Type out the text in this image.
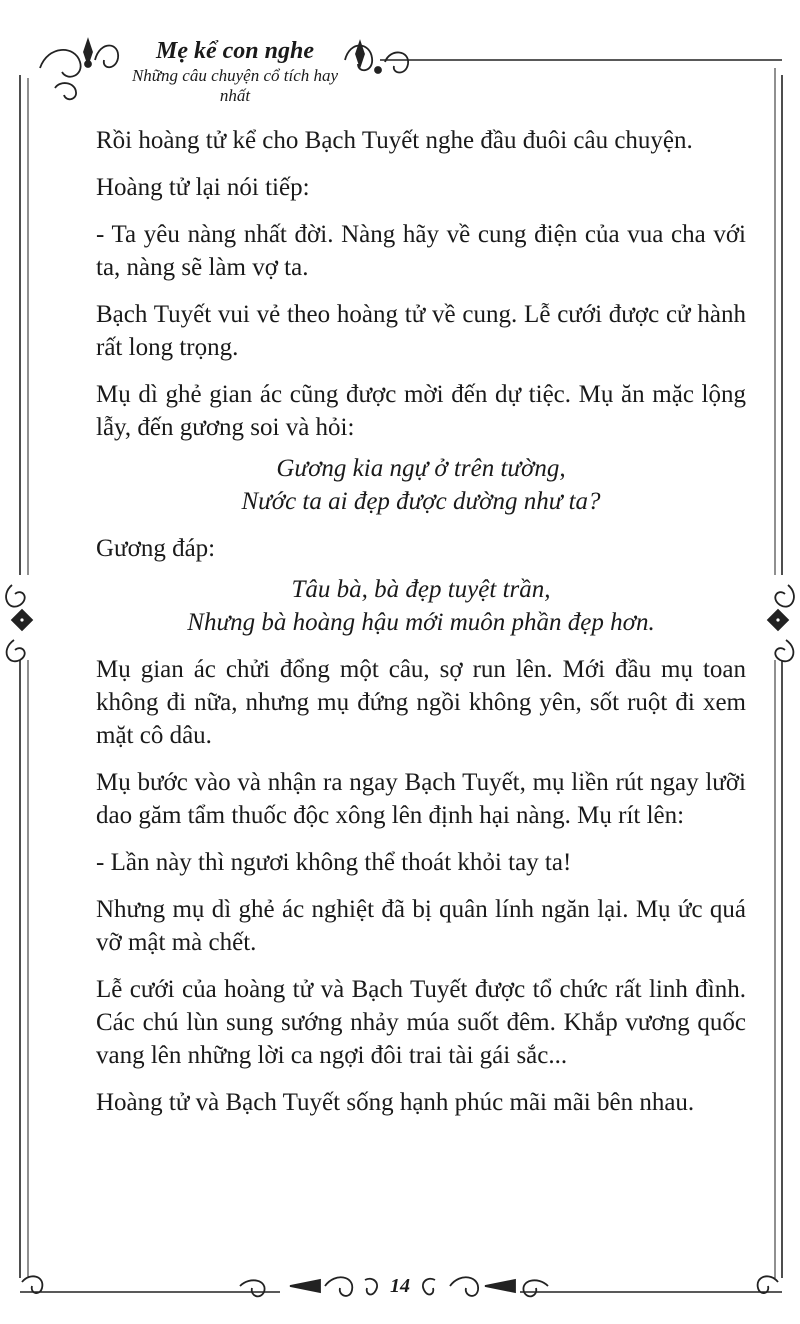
Mẹ kể con nghe
Những câu chuyện cổ tích hay nhất

Rồi hoàng tử kể cho Bạch Tuyết nghe đầu đuôi câu chuyện.

Hoàng tử lại nói tiếp:

- Ta yêu nàng nhất đời. Nàng hãy về cung điện của vua cha với ta, nàng sẽ làm vợ ta.

Bạch Tuyết vui vẻ theo hoàng tử về cung. Lễ cưới được cử hành rất long trọng.

Mụ dì ghẻ gian ác cũng được mời đến dự tiệc. Mụ ăn mặc lộng lẫy, đến gương soi và hỏi:

Gương kia ngự ở trên tường,
Nước ta ai đẹp được dường như ta?

Gương đáp:

Tâu bà, bà đẹp tuyệt trần,
Nhưng bà hoàng hậu mới muôn phần đẹp hơn.

Mụ gian ác chửi đổng một câu, sợ run lên. Mới đầu mụ toan không đi nữa, nhưng mụ đứng ngồi không yên, sốt ruột đi xem mặt cô dâu.

Mụ bước vào và nhận ra ngay Bạch Tuyết, mụ liền rút ngay lưỡi dao găm tẩm thuốc độc xông lên định hại nàng. Mụ rít lên:

- Lần này thì ngươi không thể thoát khỏi tay ta!

Nhưng mụ dì ghẻ ác nghiệt đã bị quân lính ngăn lại. Mụ ức quá vỡ mật mà chết.

Lễ cưới của hoàng tử và Bạch Tuyết được tổ chức rất linh đình. Các chú lùn sung sướng nhảy múa suốt đêm. Khắp vương quốc vang lên những lời ca ngợi đôi trai tài gái sắc...

Hoàng tử và Bạch Tuyết sống hạnh phúc mãi mãi bên nhau.

14
